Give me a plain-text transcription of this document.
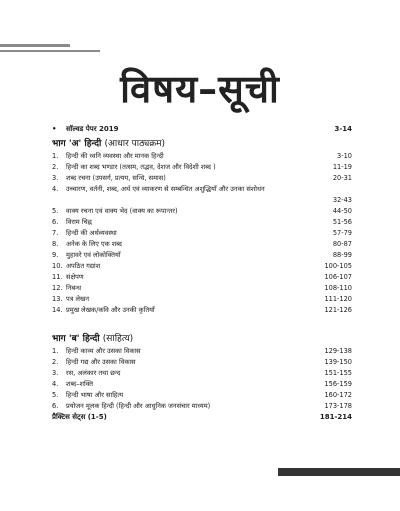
विषय–सूची
•	सॉल्वड पेपर 2019	3-14
भाग 'अ' हिन्दी (आधार पाठ्यक्रम)
1.	हिन्दी की ध्वनि व्यवस्था और मानक हिन्दी	3-10
2.	हिन्दी का शब्द भण्डार (तत्सम, तद्भव, देशज और विदेशी शब्द )	11-19
3.	शब्द रचना (उपसर्ग, प्रत्यय, सन्धि, समास)	20-31
4.	उच्चारण, वर्तनी, शब्द, अर्थ एवं व्याकरण से सम्बन्धित अशुद्धियाँ और उनका संशोधन
32-43
5.	वाक्य रचना एवं वाक्य भेद (वाक्य का रूपान्तर)	44-50
6.	विराम चिह्न	51-56
7.	हिन्दी की अर्थव्यवस्था	57-79
8.	अनेक के लिए एक शब्द	80-87
9.	मुहावरे एवं लोकोक्तियाँ	88-99
10. अपठित गद्यांश	100-105
11. संक्षेपण	106-107
12. निबन्ध	108-110
13. पत्र लेखन	111-120
14. प्रमुख लेखक/कवि और उनकी कृतियाँ	121-126
भाग 'ब' हिन्दी (साहित्य)
1.	हिन्दी काव्य और उसका विकास	129-138
2.	हिन्दी गद्य और उसका विकास	139-150
3.	रस, अलंकार तथा छन्द	151-155
4.	शब्द–शक्ति	156-159
5.	हिन्दी भाषा और साहित्य	160-172
6.	प्रयोजन मूलक हिन्दी (हिन्दी और आधुनिक जनसंचार माध्यम)	173-178
प्रैक्टिस सेट्स (1-5)	181-214
